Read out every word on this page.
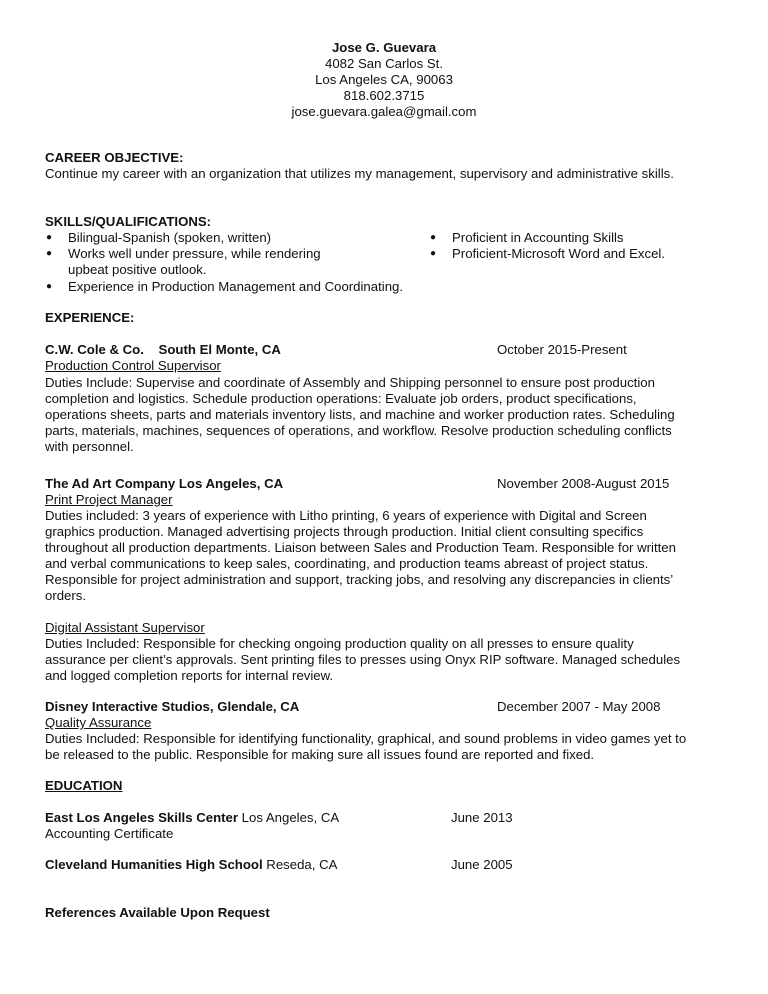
Jose G. Guevara
4082 San Carlos St.
Los Angeles CA, 90063
818.602.3715
jose.guevara.galea@gmail.com
CAREER OBJECTIVE:
Continue my career with an organization that utilizes my management, supervisory and administrative skills.
SKILLS/QUALIFICATIONS:
● Bilingual-Spanish (spoken, written)
● Works well under pressure, while rendering
upbeat positive outlook.
● Experience in Production Management and Coordinating.
● Proficient in Accounting Skills
● Proficient-Microsoft Word and Excel.
EXPERIENCE:
C.W. Cole & Co.    South El Monte, CA	October 2015-Present
Production Control Supervisor
Duties Include: Supervise and coordinate of Assembly and Shipping personnel to ensure post production
completion and logistics. Schedule production operations: Evaluate job orders, product specifications,
operations sheets, parts and materials inventory lists, and machine and worker production rates. Scheduling
parts, materials, machines, sequences of operations, and workflow. Resolve production scheduling conflicts
with personnel.
The Ad Art Company Los Angeles, CA	November 2008-August 2015
Print Project Manager
Duties included: 3 years of experience with Litho printing, 6 years of experience with Digital and Screen
graphics production. Managed advertising projects through production. Initial client consulting specifics
throughout all production departments. Liaison between Sales and Production Team. Responsible for written
and verbal communications to keep sales, coordinating, and production teams abreast of project status.
Responsible for project administration and support, tracking jobs, and resolving any discrepancies in clients’
orders.
Digital Assistant Supervisor
Duties Included: Responsible for checking ongoing production quality on all presses to ensure quality
assurance per client’s approvals. Sent printing files to presses using Onyx RIP software. Managed schedules
and logged completion reports for internal review.
Disney Interactive Studios, Glendale, CA	December 2007 - May 2008
Quality Assurance
Duties Included: Responsible for identifying functionality, graphical, and sound problems in video games yet to
be released to the public. Responsible for making sure all issues found are reported and fixed.
EDUCATION
East Los Angeles Skills Center Los Angeles, CA	June 2013
Accounting Certificate
Cleveland Humanities High School Reseda, CA	June 2005
References Available Upon Request
